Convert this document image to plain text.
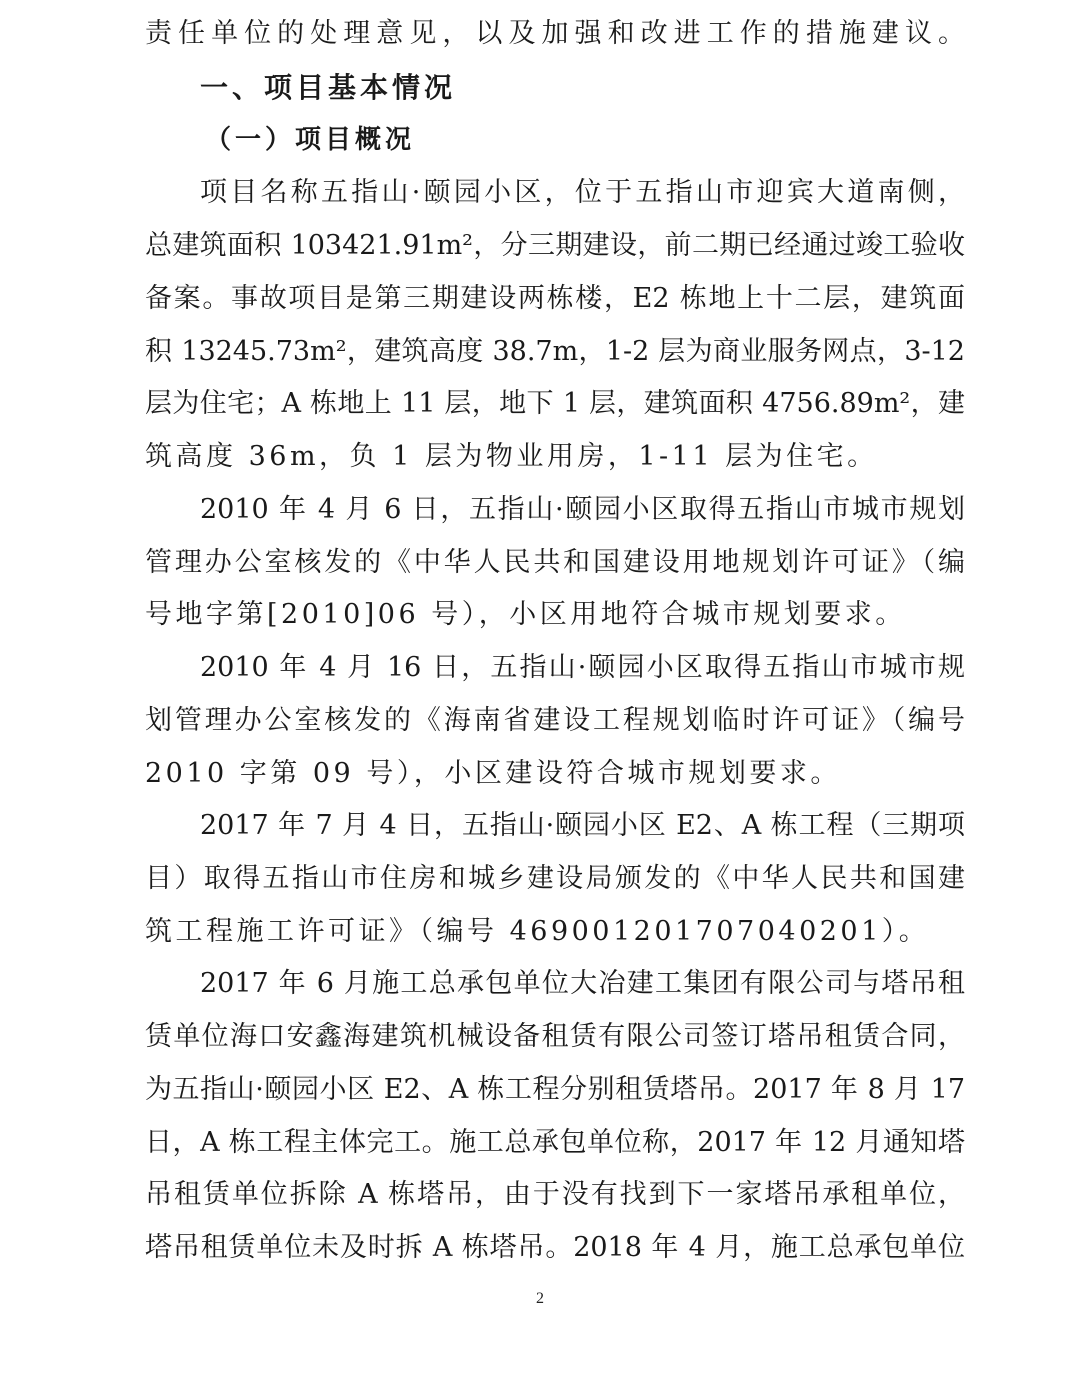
责任单位的处理意见，以及加强和改进工作的措施建议。
一、项目基本情况
（一）项目概况
项目名称五指山·颐园小区，位于五指山市迎宾大道南侧，
总建筑面积 103421.91m²，分三期建设，前二期已经通过竣工验收
备案。事故项目是第三期建设两栋楼，E2 栋地上十二层，建筑面
积 13245.73m²，建筑高度 38.7m，1-2 层为商业服务网点，3-12
层为住宅；A 栋地上 11 层，地下 1 层，建筑面积 4756.89m²，建
筑高度 36m，负 1 层为物业用房，1-11 层为住宅。
2010 年 4 月 6 日，五指山·颐园小区取得五指山市城市规划
管理办公室核发的《中华人民共和国建设用地规划许可证》（编
号地字第[2010]06 号），小区用地符合城市规划要求。
2010 年 4 月 16 日，五指山·颐园小区取得五指山市城市规
划管理办公室核发的《海南省建设工程规划临时许可证》（编号
2010 字第 09 号），小区建设符合城市规划要求。
2017 年 7 月 4 日，五指山·颐园小区 E2、A 栋工程（三期项
目）取得五指山市住房和城乡建设局颁发的《中华人民共和国建
筑工程施工许可证》（编号 469001201707040201）。
2017 年 6 月施工总承包单位大冶建工集团有限公司与塔吊租
赁单位海口安鑫海建筑机械设备租赁有限公司签订塔吊租赁合同，
为五指山·颐园小区 E2、A 栋工程分别租赁塔吊。2017 年 8 月 17
日，A 栋工程主体完工。施工总承包单位称，2017 年 12 月通知塔
吊租赁单位拆除 A 栋塔吊，由于没有找到下一家塔吊承租单位，
塔吊租赁单位未及时拆 A 栋塔吊。2018 年 4 月，施工总承包单位
2
